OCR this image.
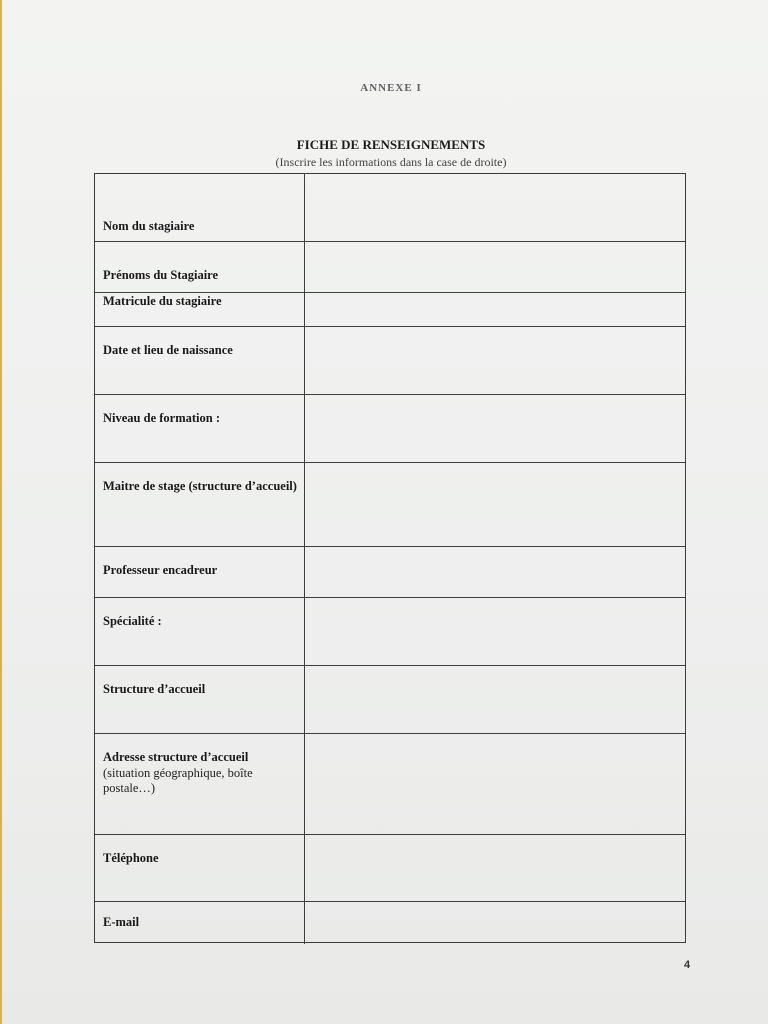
ANNEXE I
FICHE DE RENSEIGNEMENTS
(Inscrire les informations dans la case de droite)
Nom du stagiaire
Prénoms du Stagiaire
Matricule du stagiaire
Date et lieu de naissance
Niveau de formation :
Maitre de stage (structure d’accueil)
Professeur encadreur
Spécialité :
Structure d’accueil
Adresse structure d’accueil
(situation géographique, boîte postale…)
Téléphone
E-mail
4
